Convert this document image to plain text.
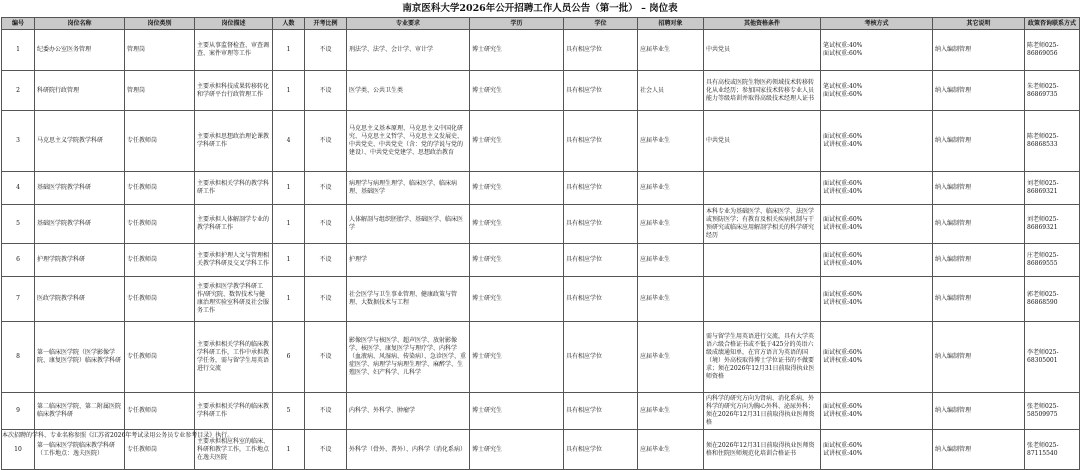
南京医科大学2026年公开招聘工作人员公告（第一批） – 岗位表
编号	岗位名称	岗位类别	岗位描述	人数	开考比例	专业要求	学历	学位	招聘对象	其他资格条件	考核方式	其它说明	政策咨询联系方式
1	纪委办公室医务管理	管理岗	主要从事监督检查、审查调查、案件审理等工作	1	不设	刑法学、法学、会计学、审计学	博士研究生	具有相应学位	应届毕业生	中共党员	笔试权重:40%
面试权重:60%	纳入编制管理	陈老师025-86869056
2	科研院行政管理	管理岗	主要承担科技成果转移转化和学研平台行政管理工作	1	不设	医学类、公共卫生类	博士研究生	具有相应学位	社会人员	具有高校或医院生物医药领域技术转移转化从业经历；参加国家技术转移专业人员能力等级培训并取得高级技术经理人证书	笔试权重:40%
面试权重:60%	纳入编制管理	朱老师025-86869735
3	马克思主义学院教学科研	专任教师岗	主要承担思想政治理论课教学科研工作	4	不设	马克思主义基本原理、马克思主义中国化研究、马克思主义哲学、马克思主义发展史、中共党史、中共党史（含：党的学说与党的建设）、中共党史党建学、思想政治教育	博士研究生	具有相应学位	应届毕业生	中共党员	面试权重:60%
试讲权重:40%	纳入编制管理	陈老师025-86868533
4	基础医学院教学科研	专任教师岗	主要承担相关学科的教学科研工作	1	不设	病理学与病理生理学、临床医学、临床病理、基础医学	博士研究生	具有相应学位	应届毕业生		面试权重:60%
试讲权重:40%	纳入编制管理	刘老师025-86869321
5	基础医学院教学科研	专任教师岗	主要承担人体解剖学专业的教学科研工作	1	不设	人体解剖与组织胚胎学、基础医学、临床医学	博士研究生	具有相应学位	应届毕业生	本科专业为基础医学、临床医学、法医学或预防医学；有教育及相关疾病机制与干预研究或临床应用解剖学相关的科学研究经历	面试权重:60%
试讲权重:40%	纳入编制管理	刘老师025-86869321
6	护理学院教学科研	专任教师岗	主要承担护理人文与管理相关教学科研及交叉学科工作	1	不设	护理学	博士研究生	具有相应学位	应届毕业生		面试权重:60%
试讲权重:40%	纳入编制管理	庄老师025-86869555
7	医政学院教学科研	专任教师岗	主要承担医学教学科研工作/研究院、数智技术与健康治理实验室科研及社会服务工作	1	不设	社会医学与卫生事业管理、健康政策与管理、大数据技术与工程	博士研究生	具有相应学位	应届毕业生		面试权重:60%
试讲权重:40%	纳入编制管理	郭老师025-86868590
8	第一临床医学院（医学影像学院、康复医学院）临床教学科研	专任教师岗	主要承担相关学科的临床教学科研工作，工作中承担教学任务，需与留学生用英语进行交流	6	不设	影像医学与核医学、超声医学、放射影像学、核医学、康复医学与理疗学、内科学（血液病、风湿病、传染病）、急诊医学、重症医学、病理学与病理生理学、麻醉学、生殖医学、妇产科学、儿科学	博士研究生	具有相应学位	应届毕业生	需与留学生用英语进行交流，具有大学英语六级合格证书或不低于425分的英语六级成绩通知单，在官方语言为英语的国（境）外高校取得博士学位证书的不做要求；须在2026年12月31日前取得执业医师资格	面试权重:60%
试讲权重:40%	纳入编制管理	李老师025-68305001
9	第二临床医学院、第二附属医院临床教学科研	专任教师岗	主要承担相关学科的临床教学科研工作	5	不设	内科学、外科学、肿瘤学	博士研究生	具有相应学位	应届毕业生	内科学的研究方向为肾病、消化系病，外科学的研究方向为胸心外科、泌尿外科；须在2026年12月31日前取得执业医师资格	面试权重:60%
试讲权重:40%	纳入编制管理	张老师025-58509975
10	第一临床医学院临床教学科研（工作地点：逸夫医院）	专任教师岗	主要承担相应科室的临床、科研和教学工作，工作地点在逸夫医院	1	不设	外科学（骨外、普外）、内科学（消化系病）	博士研究生	具有相应学位	应届毕业生	须在2026年12月31日前取得执业医师资格和住院医师规范化培训合格证书	面试权重:60%
试讲权重:40%	纳入编制管理	张老师025-87115540
本次招聘的学科、专业名称参照《江苏省2026年考试录用公务员专业参考目录》执行。
